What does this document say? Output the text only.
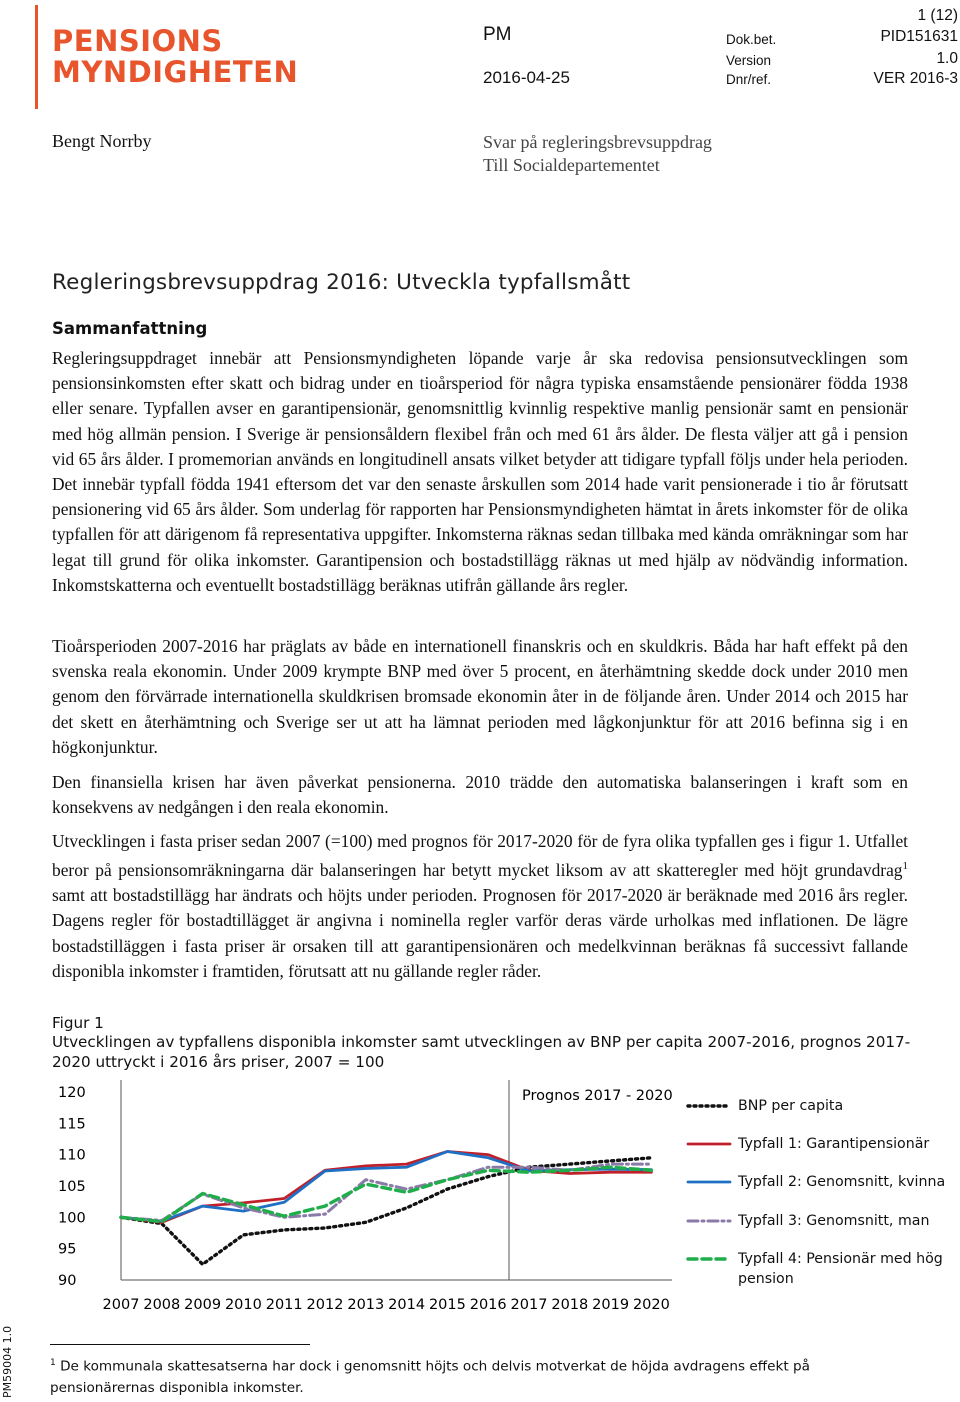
PENSIONS
MYNDIGHETEN
PM
2016-04-25
Dok.bet.
Version
Dnr/ref.
1 (12)
PID151631
1.0
VER 2016-3
Bengt Norrby	Svar på regleringsbrevsuppdrag
Till Socialdepartementet
Regleringsbrevsuppdrag 2016: Utveckla typfallsmått
Sammanfattning

Regleringsuppdraget innebär att Pensionsmyndigheten löpande varje år ska redovisa pensionsutvecklingen som pensionsinkomsten efter skatt och bidrag under en tioårsperiod för några typiska ensamstående pensionärer födda 1938 eller senare. Typfallen avser en garantipensionär, genomsnittlig kvinnlig respektive manlig pensionär samt en pensionär med hög allmän pension. I Sverige är pensionsåldern flexibel från och med 61 års ålder. De flesta väljer att gå i pension vid 65 års ålder. I promemorian används en longitudinell ansats vilket betyder att tidigare typfall följs under hela perioden. Det innebär typfall födda 1941 eftersom det var den senaste årskullen som 2014 hade varit pensionerade i tio år förutsatt pensionering vid 65 års ålder. Som underlag för rapporten har Pensionsmyndigheten hämtat in årets inkomster för de olika typfallen för att därigenom få representativa uppgifter. Inkomsterna räknas sedan tillbaka med kända omräkningar som har legat till grund för olika inkomster. Garantipension och bostadstillägg räknas ut med hjälp av nödvändig information. Inkomstskatterna och eventuellt bostadstillägg beräknas utifrån gällande års regler.

Tioårsperioden 2007-2016 har präglats av både en internationell finanskris och en skuldkris. Båda har haft effekt på den svenska reala ekonomin. Under 2009 krympte BNP med över 5 procent, en återhämtning skedde dock under 2010 men genom den förvärrade internationella skuldkrisen bromsade ekonomin åter in de följande åren. Under 2014 och 2015 har det skett en återhämtning och Sverige ser ut att ha lämnat perioden med lågkonjunktur för att 2016 befinna sig i en högkonjunktur.

Den finansiella krisen har även påverkat pensionerna. 2010 trädde den automatiska balanseringen i kraft som en konsekvens av nedgången i den reala ekonomin.

Utvecklingen i fasta priser sedan 2007 (=100) med prognos för 2017-2020 för de fyra olika typfallen ges i figur 1. Utfallet beror på pensionsomräkningarna där balanseringen har betytt mycket liksom av att skatteregler med höjt grundavdrag$^1$ samt att bostadstillägg har ändrats och höjts under perioden. Prognosen för 2017-2020 är beräknade med 2016 års regler. Dagens regler för bostadtillägget är angivna i nominella regler varför deras värde urholkas med inflationen. De lägre bostadstilläggen i fasta priser är orsaken till att garantipensionären och medelkvinnan beräknas få successivt fallande disponibla inkomster i framtiden, förutsatt att nu gällande regler råder.

Figur 1
Utvecklingen av typfallens disponibla inkomster samt utvecklingen av BNP per capita 2007-2016, prognos 2017-2020 uttryckt i 2016 års priser, 2007 = 100
Prognos 2017 - 2020
120
115
110
105
100
95
90
2007 2008 2009 2010 2011 2012 2013 2014 2015 2016 2017 2018 2019 2020
BNP per capita
Typfall 1: Garantipensionär
Typfall 2: Genomsnitt, kvinna
Typfall 3: Genomsnitt, man
Typfall 4: Pensionär med hög pension
$^1$ De kommunala skattesatserna har dock i genomsnitt höjts och delvis motverkat de höjda avdragens effekt på pensionärernas disponibla inkomster.
PM59004 1.0
